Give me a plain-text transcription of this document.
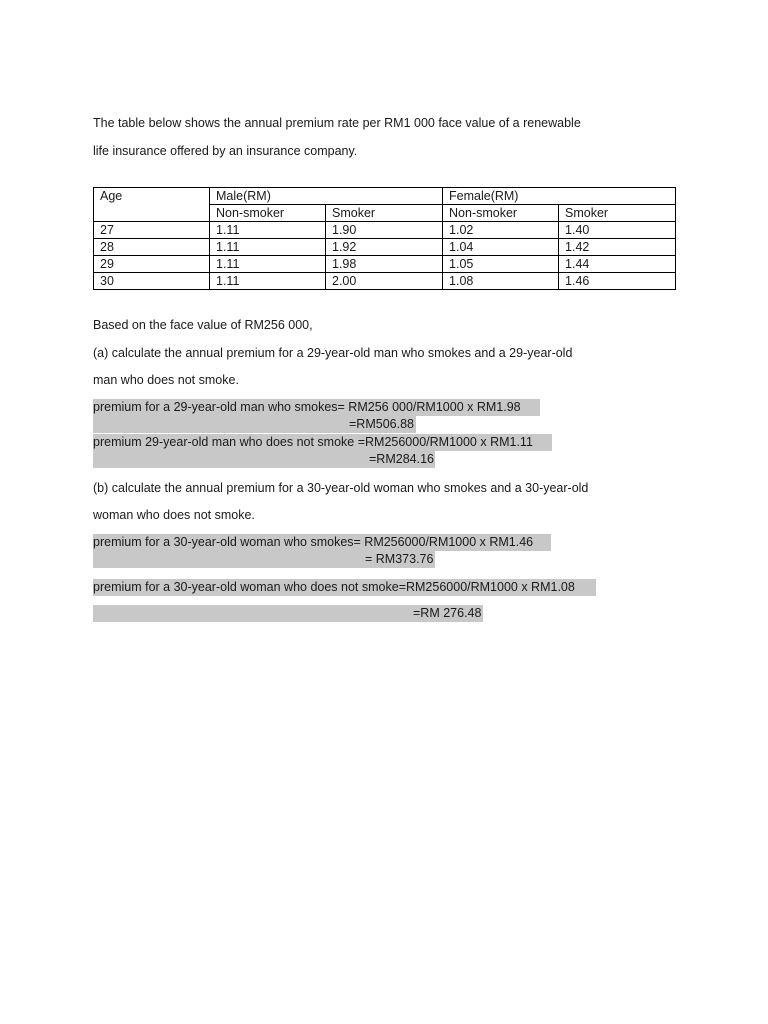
The table below shows the annual premium rate per RM1 000 face value of a renewable
life insurance offered by an insurance company.
Age	Male(RM)		Female(RM)	
	Non-smoker	Smoker	Non-smoker	Smoker
27	1.11	1.90	1.02	1.40
28	1.11	1.92	1.04	1.42
29	1.11	1.98	1.05	1.44
30	1.11	2.00	1.08	1.46
Based on the face value of RM256 000,
(a) calculate the annual premium for a 29-year-old man who smokes and a 29-year-old
man who does not smoke.
premium for a 29-year-old man who smokes= RM256 000/RM1000 x RM1.98
=RM506.88
premium 29-year-old man who does not smoke =RM256000/RM1000 x RM1.11
=RM284.16
(b) calculate the annual premium for a 30-year-old woman who smokes and a 30-year-old
woman who does not smoke.
premium for a 30-year-old woman who smokes= RM256000/RM1000 x RM1.46
= RM373.76
premium for a 30-year-old woman who does not smoke=RM256000/RM1000 x RM1.08
=RM 276.48
